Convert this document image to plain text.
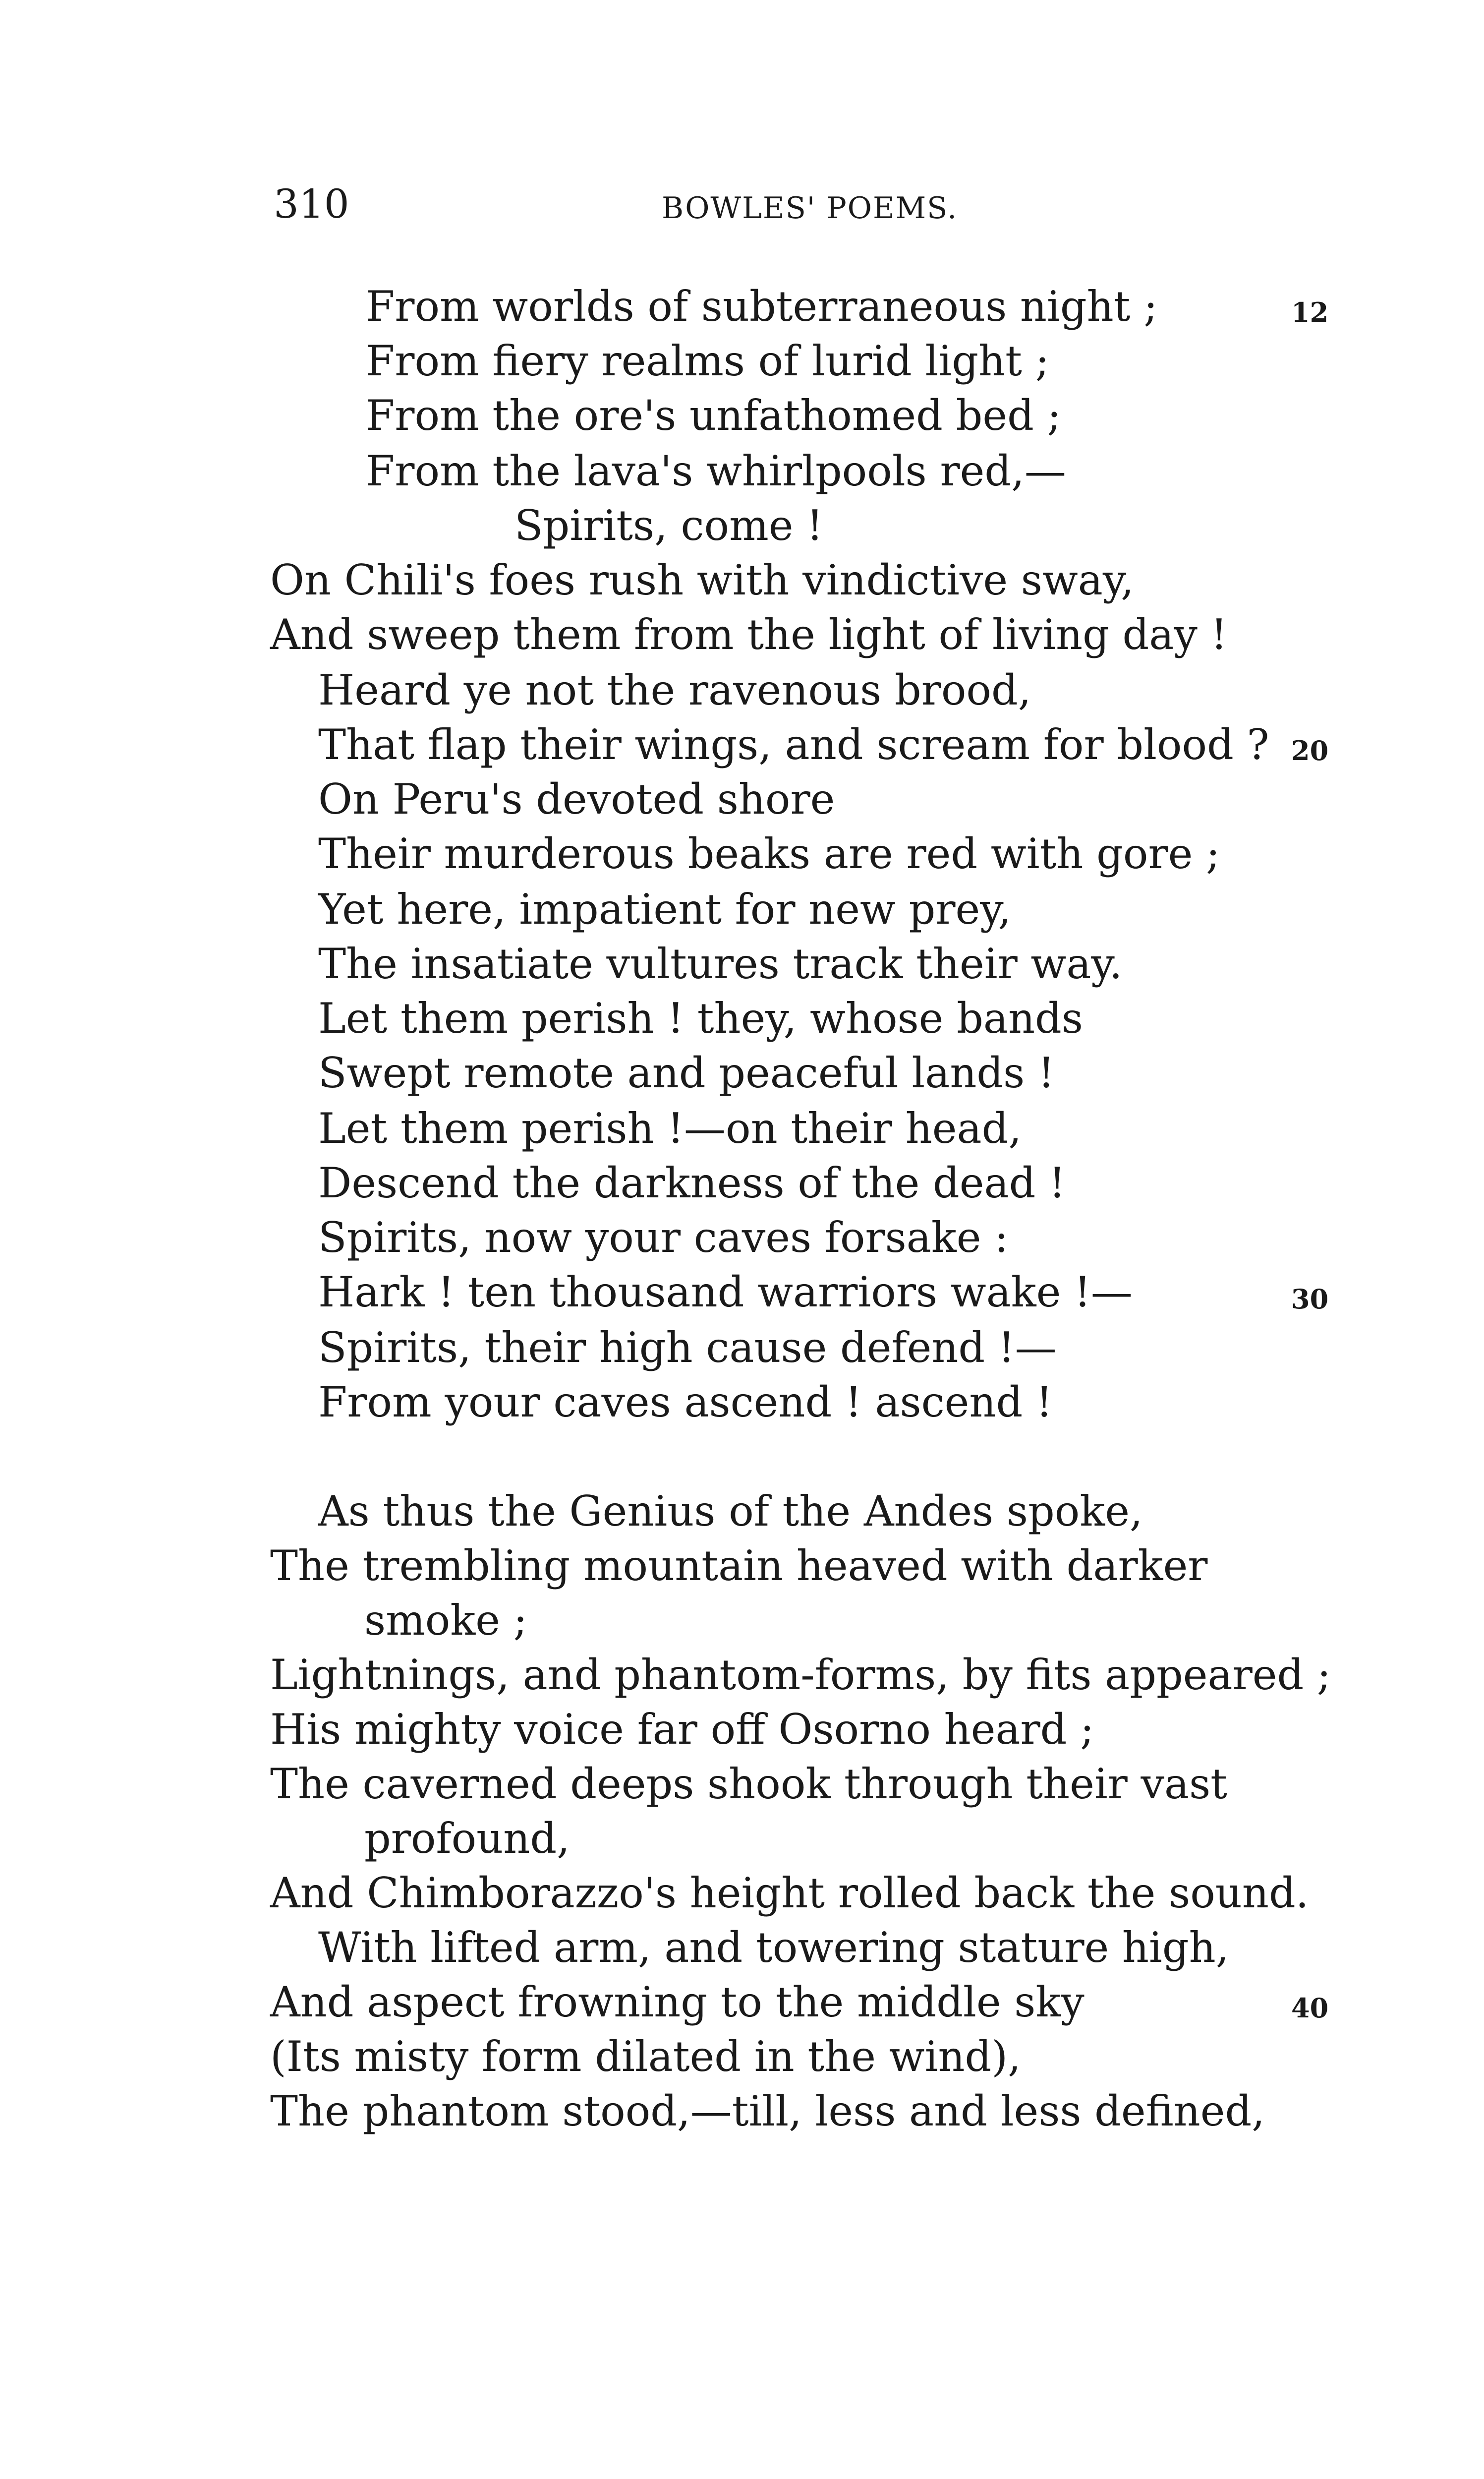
310	BOWLES' POEMS.
From worlds of subterraneous night ;
From fiery realms of lurid light ;
From the ore's unfathomed bed ;
From the lava's whirlpools red,—
Spirits, come !
On Chili's foes rush with vindictive sway,
And sweep them from the light of living day !
Heard ye not the ravenous brood,
That flap their wings, and scream for blood ?
On Peru's devoted shore
Their murderous beaks are red with gore ;
Yet here, impatient for new prey,
The insatiate vultures track their way.
Let them perish ! they, whose bands
Swept remote and peaceful lands !
Let them perish !—on their head,
Descend the darkness of the dead !
Spirits, now your caves forsake :
Hark ! ten thousand warriors wake !—
Spirits, their high cause defend !—
From your caves ascend ! ascend !
As thus the Genius of the Andes spoke,
The trembling mountain heaved with darker
smoke ;
Lightnings, and phantom-forms, by fits appeared ;
His mighty voice far off Osorno heard ;
The caverned deeps shook through their vast
profound,
And Chimborazzo's height rolled back the sound.
With lifted arm, and towering stature high,
And aspect frowning to the middle sky
(Its misty form dilated in the wind),
The phantom stood,—till, less and less defined,
12
20
30
40
